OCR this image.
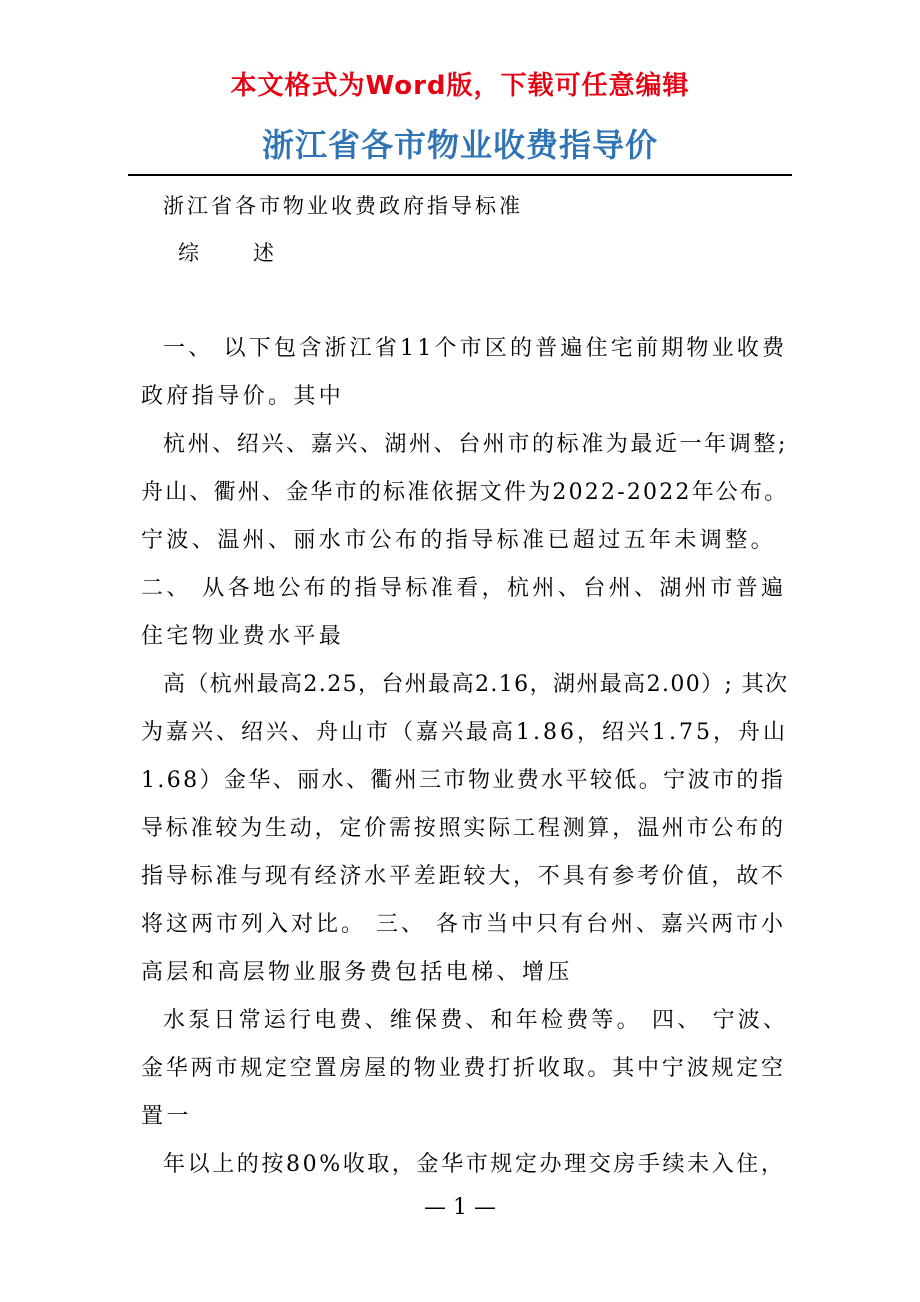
本文格式为Word版，下载可任意编辑
浙江省各市物业收费指导价
浙江省各市物业收费政府指导标准
综	述
一、 以下包含浙江省11个市区的普遍住宅前期物业收费
政府指导价。其中
杭州、绍兴、嘉兴、湖州、台州市的标准为最近一年调整;
舟山、衢州、金华市的标准依据文件为2022-2022年公布。
宁波、温州、丽水市公布的指导标准已超过五年未调整。
二、 从各地公布的指导标准看，杭州、台州、湖州市普遍
住宅物业费水平最
高（杭州最高2.25，台州最高2.16，湖州最高2.00）; 其次
为嘉兴、绍兴、舟山市（嘉兴最高1.86，绍兴1.75，舟山
1.68）金华、丽水、衢州三市物业费水平较低。宁波市的指
导标准较为生动，定价需按照实际工程测算，温州市公布的
指导标准与现有经济水平差距较大，不具有参考价值，故不
将这两市列入对比。 三、 各市当中只有台州、嘉兴两市小
高层和高层物业服务费包括电梯、增压
水泵日常运行电费、维保费、和年检费等。 四、 宁波、
金华两市规定空置房屋的物业费打折收取。其中宁波规定空
置一
年以上的按80%收取，金华市规定办理交房手续未入住，
— 1 —
